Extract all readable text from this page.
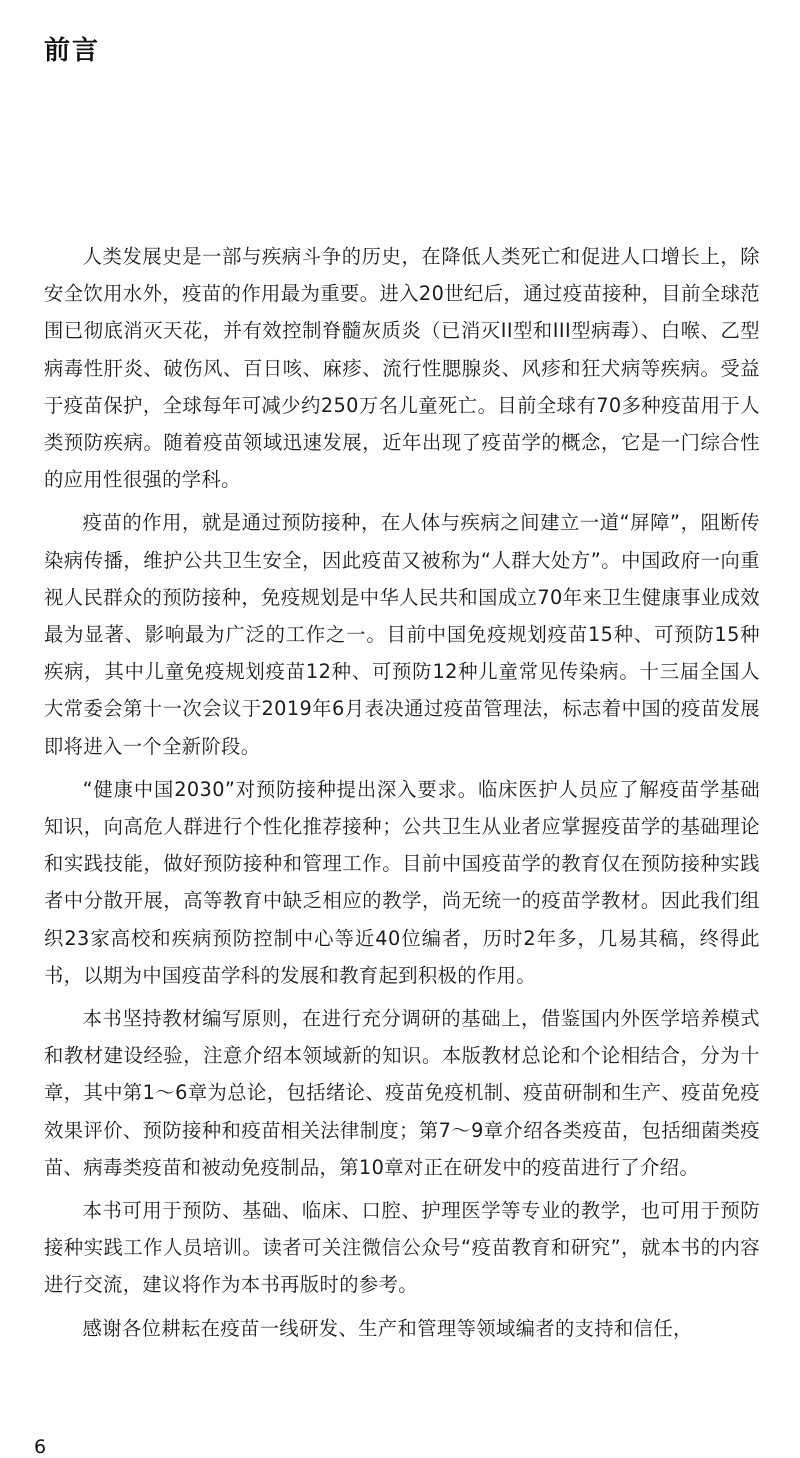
前言

人类发展史是一部与疾病斗争的历史，在降低人类死亡和促进人口增长上，除安全饮用水外，疫苗的作用最为重要。进入20世纪后，通过疫苗接种，目前全球范围已彻底消灭天花，并有效控制脊髓灰质炎（已消灭II型和III型病毒）、白喉、乙型病毒性肝炎、破伤风、百日咳、麻疹、流行性腮腺炎、风疹和狂犬病等疾病。受益于疫苗保护，全球每年可减少约250万名儿童死亡。目前全球有70多种疫苗用于人类预防疾病。随着疫苗领域迅速发展，近年出现了疫苗学的概念，它是一门综合性的应用性很强的学科。

疫苗的作用，就是通过预防接种，在人体与疾病之间建立一道“屏障”，阻断传染病传播，维护公共卫生安全，因此疫苗又被称为“人群大处方”。中国政府一向重视人民群众的预防接种，免疫规划是中华人民共和国成立70年来卫生健康事业成效最为显著、影响最为广泛的工作之一。目前中国免疫规划疫苗15种、可预防15种疾病，其中儿童免疫规划疫苗12种、可预防12种儿童常见传染病。十三届全国人大常委会第十一次会议于2019年6月表决通过疫苗管理法，标志着中国的疫苗发展即将进入一个全新阶段。

“健康中国2030”对预防接种提出深入要求。临床医护人员应了解疫苗学基础知识，向高危人群进行个性化推荐接种；公共卫生从业者应掌握疫苗学的基础理论和实践技能，做好预防接种和管理工作。目前中国疫苗学的教育仅在预防接种实践者中分散开展，高等教育中缺乏相应的教学，尚无统一的疫苗学教材。因此我们组织23家高校和疾病预防控制中心等近40位编者，历时2年多，几易其稿，终得此书，以期为中国疫苗学科的发展和教育起到积极的作用。

本书坚持教材编写原则，在进行充分调研的基础上，借鉴国内外医学培养模式和教材建设经验，注意介绍本领域新的知识。本版教材总论和个论相结合，分为十章，其中第1～6章为总论，包括绪论、疫苗免疫机制、疫苗研制和生产、疫苗免疫效果评价、预防接种和疫苗相关法律制度；第7～9章介绍各类疫苗，包括细菌类疫苗、病毒类疫苗和被动免疫制品，第10章对正在研发中的疫苗进行了介绍。

本书可用于预防、基础、临床、口腔、护理医学等专业的教学，也可用于预防接种实践工作人员培训。读者可关注微信公众号“疫苗教育和研究”，就本书的内容进行交流，建议将作为本书再版时的参考。

感谢各位耕耘在疫苗一线研发、生产和管理等领域编者的支持和信任，

6
